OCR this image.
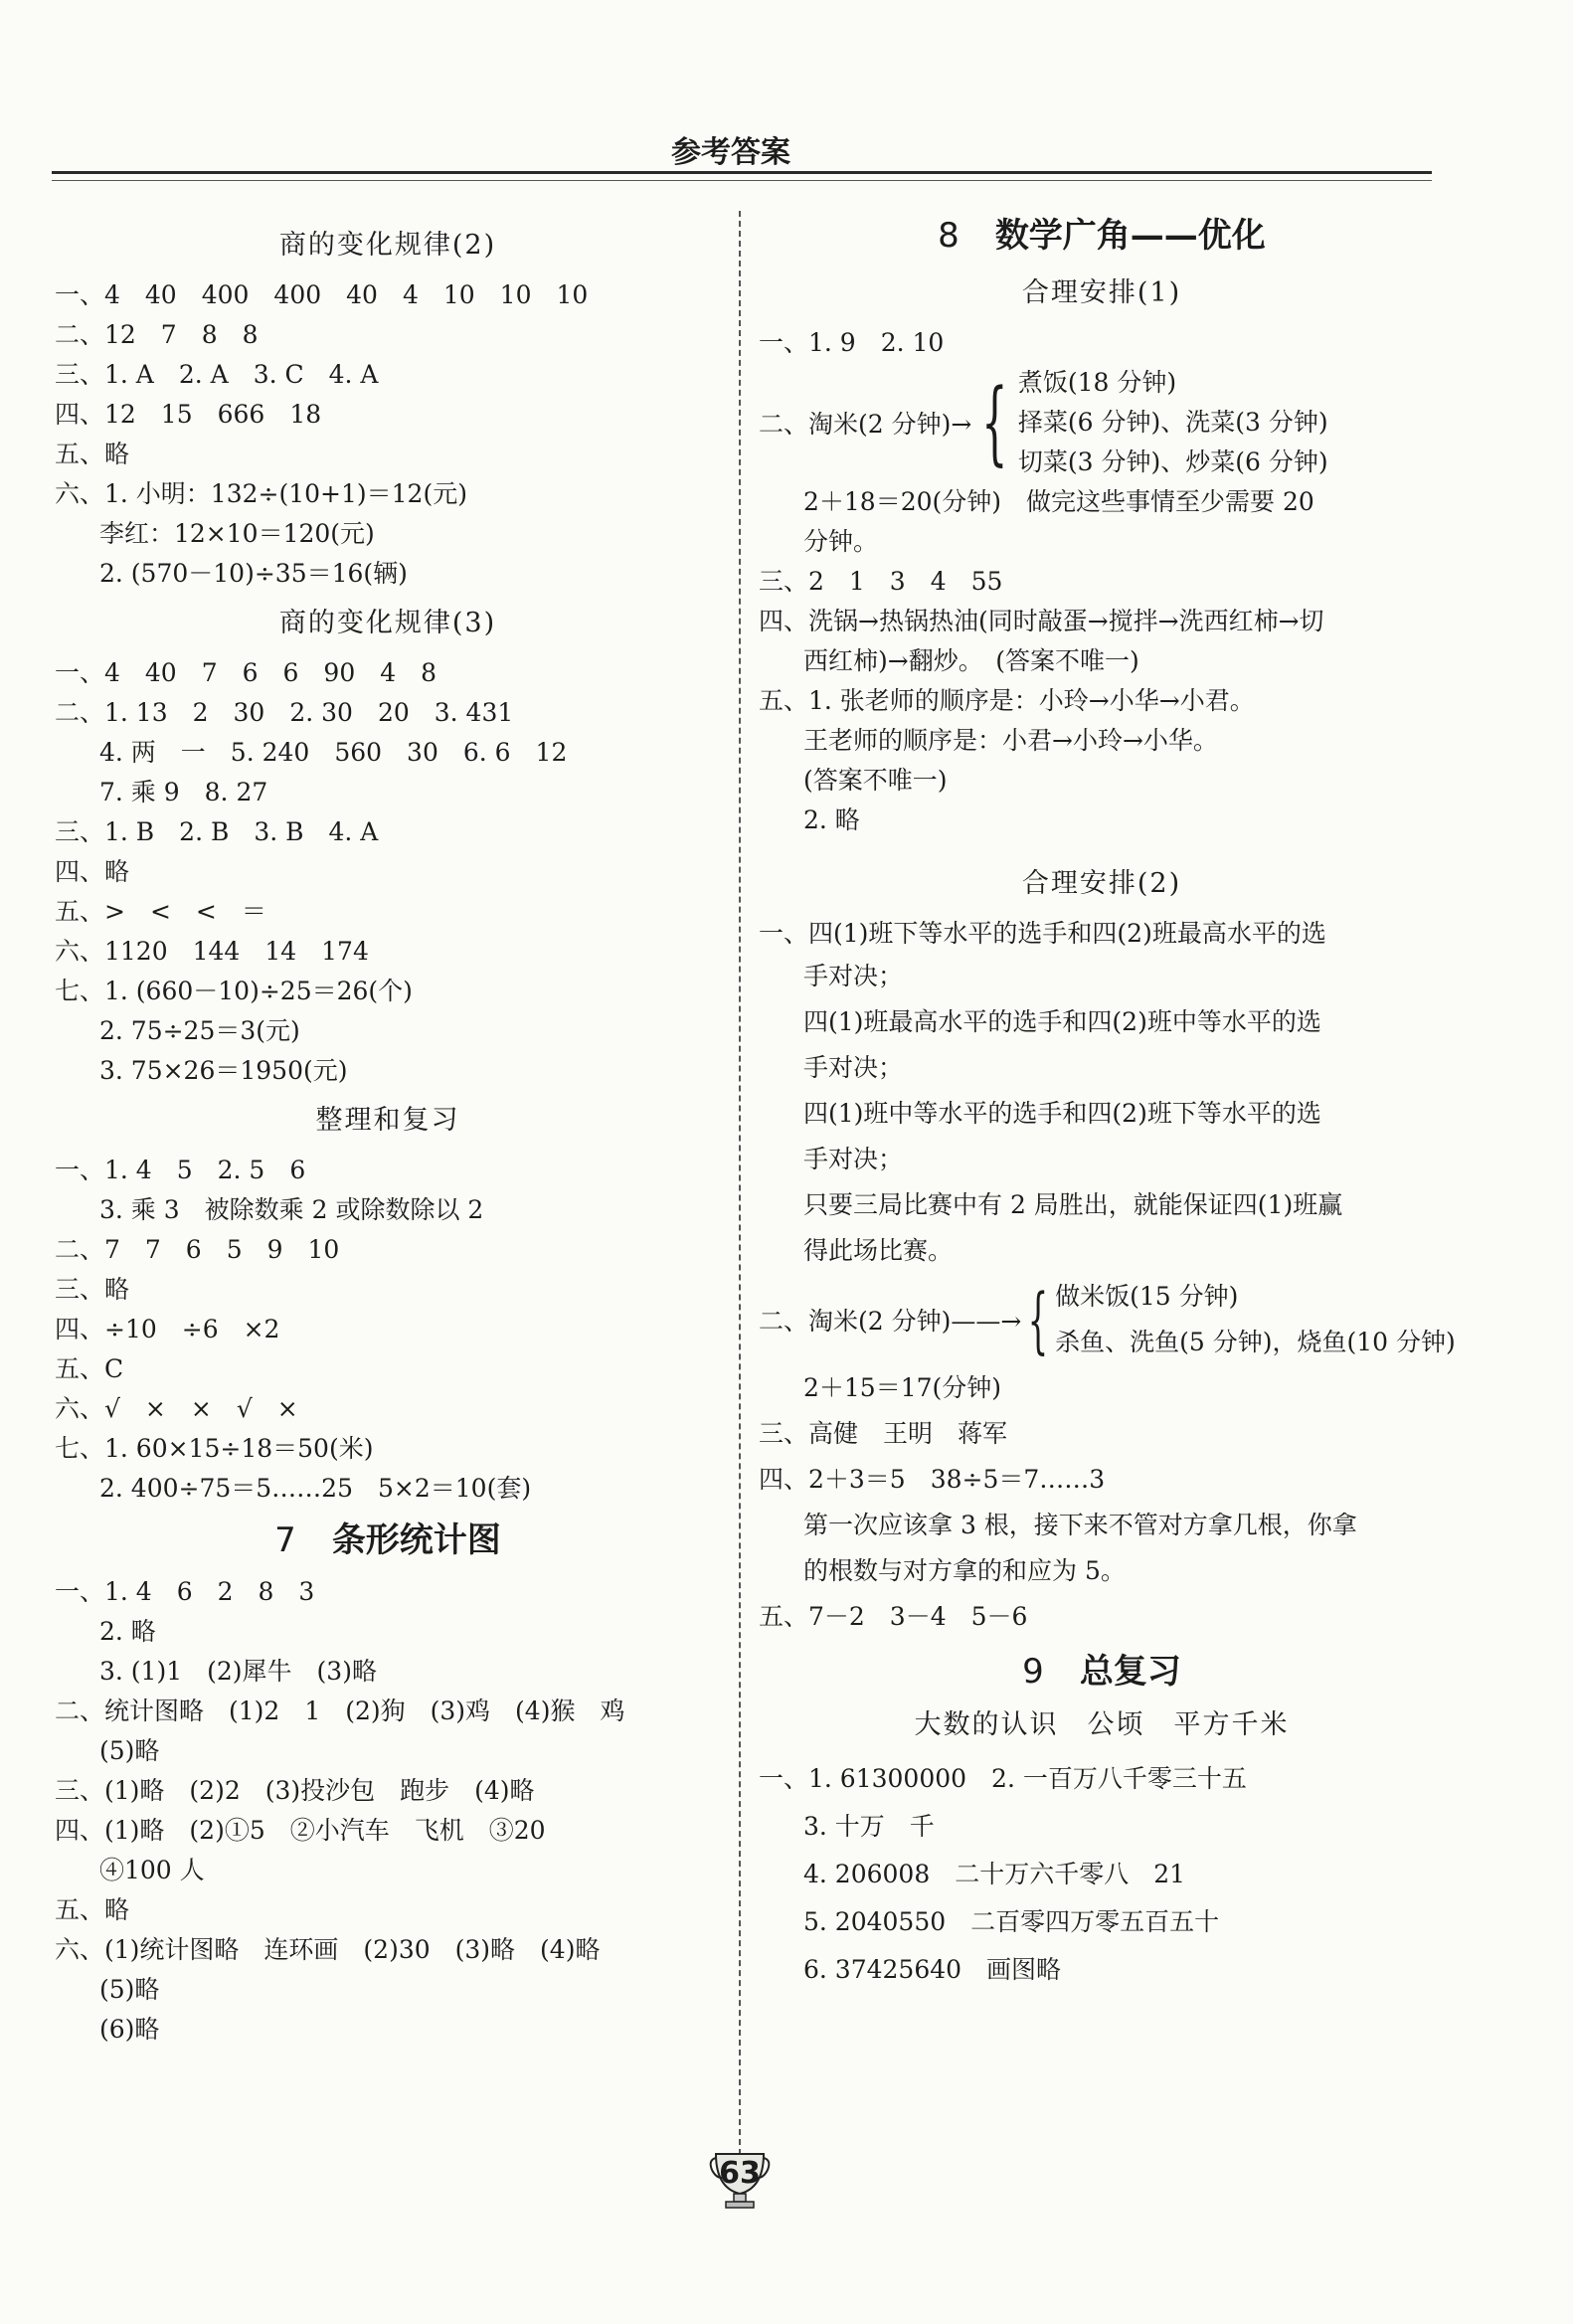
参考答案
商的变化规律(2)
一、4　40　400　400　40　4　10　10　10
二、12　7　8　8
三、1. A　2. A　3. C　4. A
四、12　15　666　18
五、略
六、1. 小明：132÷(10+1)＝12(元)
李红：12×10＝120(元)
2. (570－10)÷35＝16(辆)
商的变化规律(3)
一、4　40　7　6　6　90　4　8
二、1. 13　2　30　2. 30　20　3. 431
4. 两　一　5. 240　560　30　6. 6　12
7. 乘 9　8. 27
三、1. B　2. B　3. B　4. A
四、略
五、>　<　<　＝
六、1120　144　14　174
七、1. (660－10)÷25＝26(个)
2. 75÷25＝3(元)
3. 75×26＝1950(元)
整理和复习
一、1. 4　5　2. 5　6
3. 乘 3　被除数乘 2 或除数除以 2
二、7　7　6　5　9　10
三、略
四、÷10　÷6　×2
五、C
六、√　×　×　√　×
七、1. 60×15÷18＝50(米)
2. 400÷75＝5……25　5×2＝10(套)
7 条形统计图
一、1. 4　6　2　8　3
2. 略
3. (1)1　(2)犀牛　(3)略
二、统计图略　(1)2　1　(2)狗　(3)鸡　(4)猴　鸡
(5)略
三、(1)略　(2)2　(3)投沙包　跑步　(4)略
四、(1)略　(2)①5　②小汽车　飞机　③20
④100 人
五、略
六、(1)统计图略　连环画　(2)30　(3)略　(4)略
(5)略
(6)略
8 数学广角——优化
合理安排(1)
一、1. 9　2. 10
二、淘米(2 分钟)→ { 煮饭(18 分钟)
择菜(6 分钟)、洗菜(3 分钟)
切菜(3 分钟)、炒菜(6 分钟)
2＋18＝20(分钟)　做完这些事情至少需要 20
分钟。
三、2　1　3　4　55
四、洗锅→热锅热油(同时敲蛋→搅拌→洗西红柿→切
西红柿)→翻炒。　(答案不唯一)
五、1. 张老师的顺序是：小玲→小华→小君。
王老师的顺序是：小君→小玲→小华。
(答案不唯一)
2. 略
合理安排(2)
一、四(1)班下等水平的选手和四(2)班最高水平的选
手对决；
四(1)班最高水平的选手和四(2)班中等水平的选
手对决；
四(1)班中等水平的选手和四(2)班下等水平的选
手对决；
只要三局比赛中有 2 局胜出，就能保证四(1)班赢
得此场比赛。
二、淘米(2 分钟)——→ { 做米饭(15 分钟)
杀鱼、洗鱼(5 分钟)，烧鱼(10 分钟)
2＋15＝17(分钟)
三、高健　王明　蒋军
四、2＋3＝5　38÷5＝7……3
第一次应该拿 3 根，接下来不管对方拿几根，你拿
的根数与对方拿的和应为 5。
五、7－2　3－4　5－6
9 总复习
大数的认识　公顷　平方千米
一、1. 61300000　2. 一百万八千零三十五
3. 十万　千
4. 206008　二十万六千零八　21
5. 2040550　二百零四万零五百五十
6. 37425640　画图略
63
